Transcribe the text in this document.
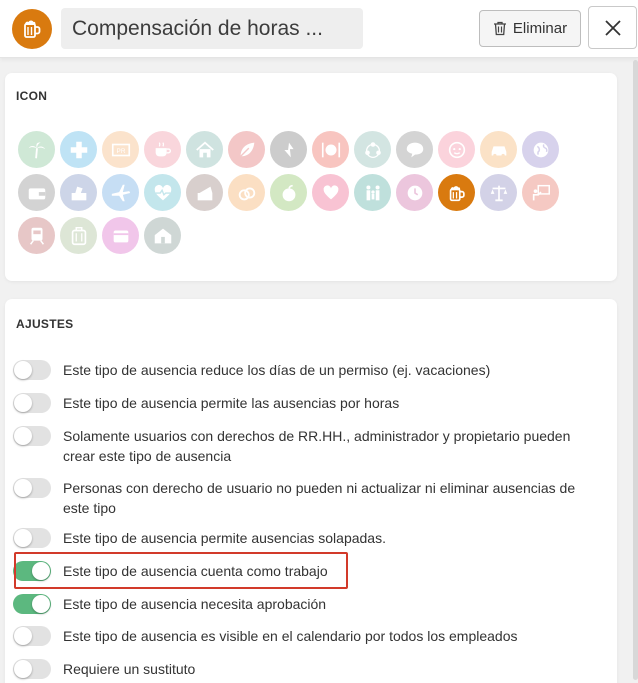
Compensación de horas ...	Eliminar
ICON
PR
AJUSTES
Este tipo de ausencia reduce los días de un permiso (ej. vacaciones)
Este tipo de ausencia permite las ausencias por horas
Solamente usuarios con derechos de RR.HH., administrador y propietario pueden crear este tipo de ausencia
Personas con derecho de usuario no pueden ni actualizar ni eliminar ausencias de este tipo
Este tipo de ausencia permite ausencias solapadas.
Este tipo de ausencia cuenta como trabajo
Este tipo de ausencia necesita aprobación
Este tipo de ausencia es visible en el calendario por todos los empleados
Requiere un sustituto
